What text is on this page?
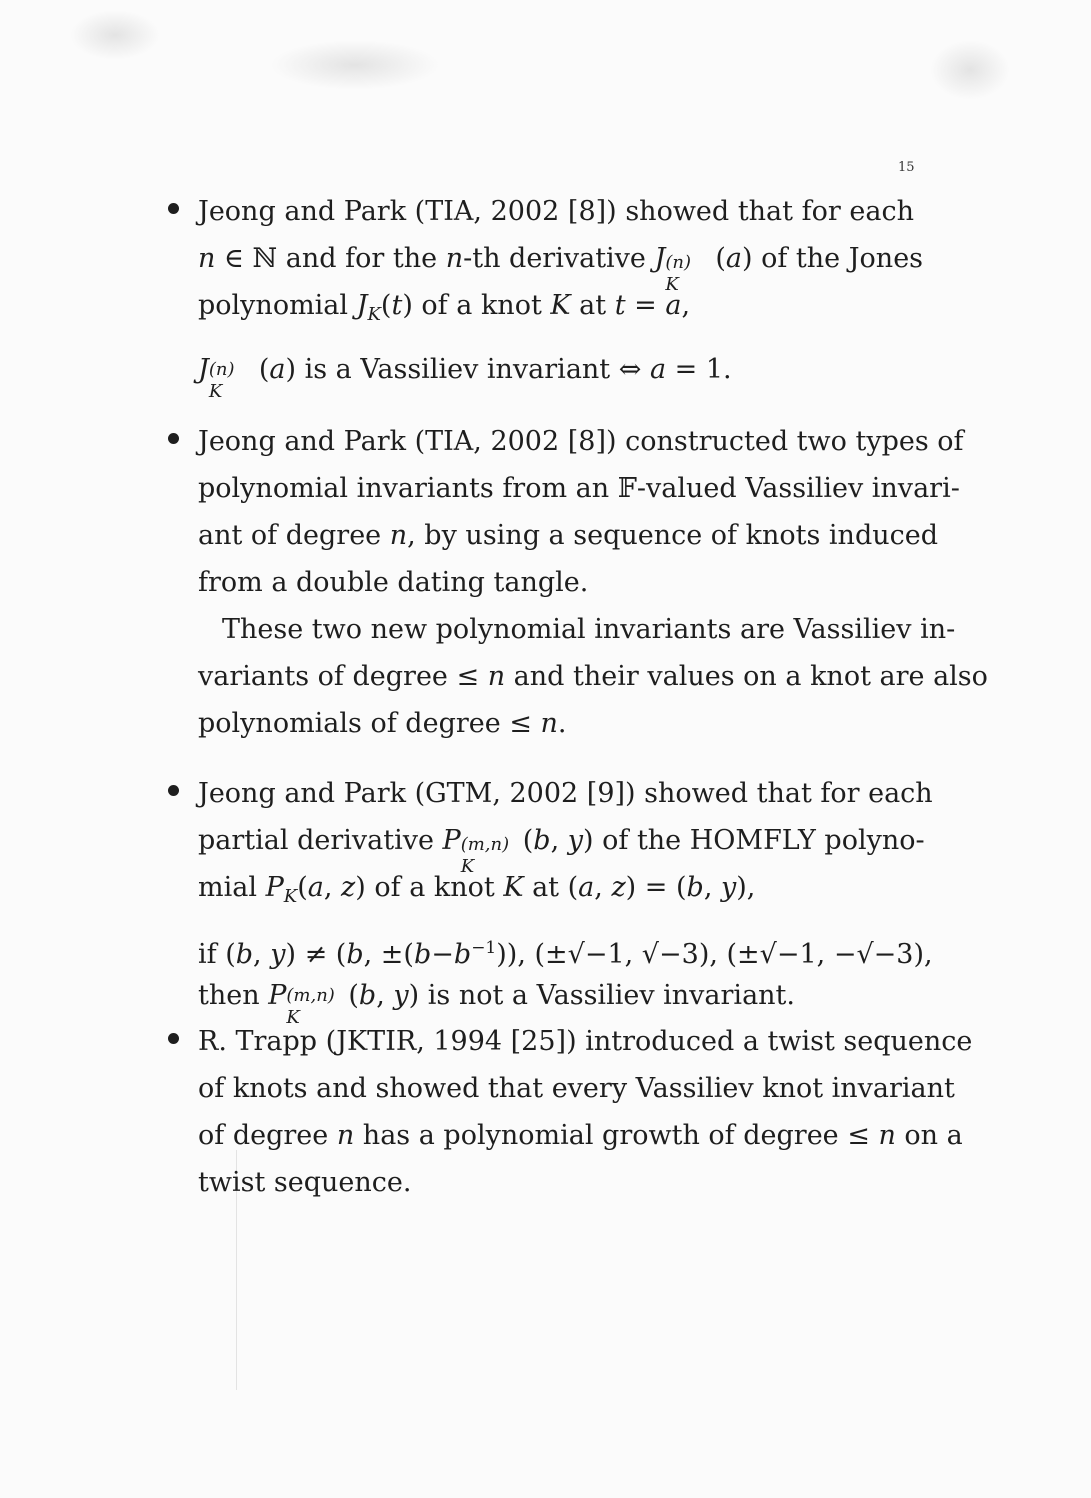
15
Jeong and Park (TIA, 2002 [8]) showed that for each
n ∈ ℕ and for the n-th derivative J (n)
K
(a) of the Jones
polynomial $J_K(t)$ of a knot K at t = a,
J (n)
K
(a) is a Vassiliev invariant ⇔ a = 1.
Jeong and Park (TIA, 2002 [8]) constructed two types of
polynomial invariants from an 𝔽-valued Vassiliev invari-
ant of degree n, by using a sequence of knots induced
from a double dating tangle.
These two new polynomial invariants are Vassiliev in-
variants of degree ≤ n and their values on a knot are also
polynomials of degree ≤ n.
Jeong and Park (GTM, 2002 [9]) showed that for each
partial derivative P (m,n)
K
(b, y) of the HOMFLY polyno-
mial $P_K(a$, z) of a knot K at (a, z) = (b, y),
if (b, y) ≠ (b, $\pm(b-b^{-1})$), (±√−1, √−3), (±√−1, −√−3),
then P (m,n)
K
(b, y) is not a Vassiliev invariant.
R. Trapp (JKTIR, 1994 [25]) introduced a twist sequence
of knots and showed that every Vassiliev knot invariant
of degree n has a polynomial growth of degree ≤ n on a
twist sequence.
